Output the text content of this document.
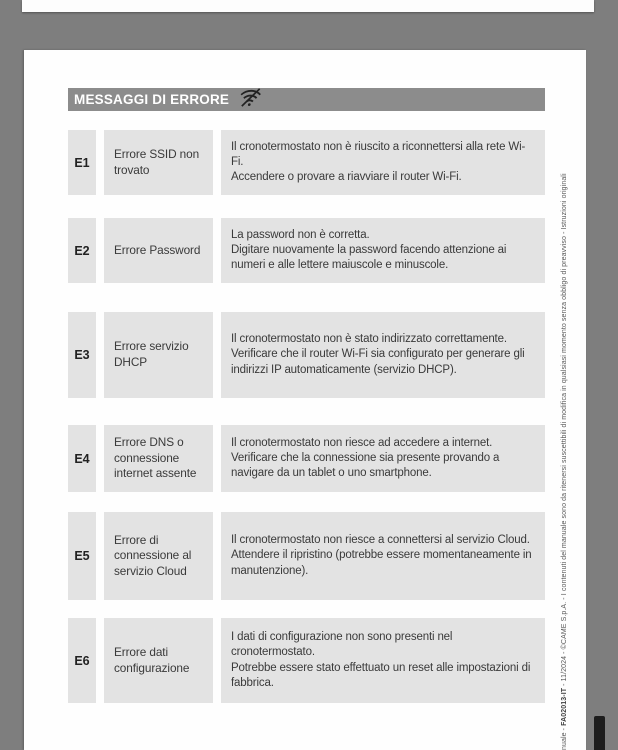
MESSAGGI DI ERRORE
E1
Errore SSID non trovato
Il cronotermostato non è riuscito a riconnettersi alla rete Wi-Fi.
Accendere o provare a riavviare il router Wi-Fi.
E2	Errore Password
La password non è corretta.
Digitare nuovamente la password facendo attenzione ai numeri e alle lettere maiuscole e minuscole.
E3
Errore servizio DHCP
Il cronotermostato non è stato indirizzato correttamente.
Verificare che il router Wi-Fi sia configurato per generare gli indirizzi IP automaticamente (servizio DHCP).
E4
Errore DNS o connessione internet assente
Il cronotermostato non riesce ad accedere a internet.
Verificare che la connessione sia presente provando a navigare da un tablet o uno smartphone.
E5
Errore di connessione al servizio Cloud
Il cronotermostato non riesce a connettersi al servizio Cloud.
Attendere il ripristino (potrebbe essere momentaneamente in manutenzione).
E6
Errore dati configurazione
I dati di configurazione non sono presenti nel cronotermostato.
Potrebbe essere stato effettuato un reset alle impostazioni di fabbrica.
nuale - FA02013-IT - 11/2024 - ©CAME S.p.A. - I contenuti del manuale sono da ritenersi suscettibili di modifica in qualsiasi momento senza obbligo di preavviso - Istruzioni originali
